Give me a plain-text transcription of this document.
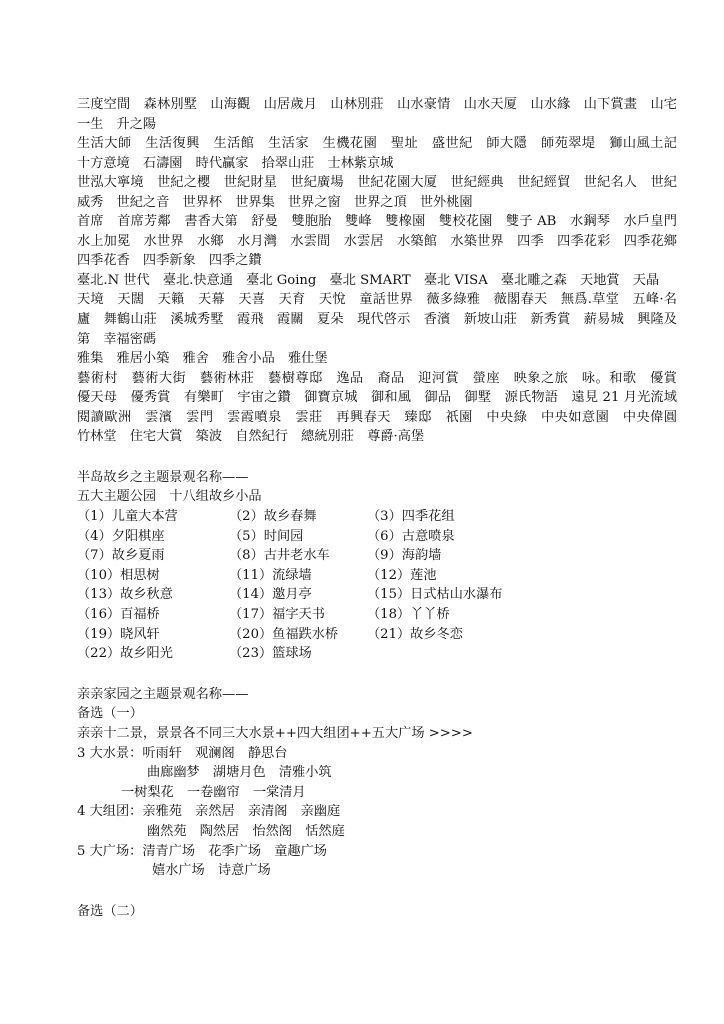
三度空間　森林別墅　山海觀　山居歲月　山林別莊　山水豪情　山水天厦　山水緣　山下賞畫　山宅一生　升之陽

生活大師　生活復興　生活館　生活家　生機花園　聖址　盛世紀　師大隱　師苑翠堤　獅山風土記　十方意境　石濤園　時代贏家　拾翠山莊　士林紫京城

世泓大寧境　世紀之櫻　世紀財星　世紀廣場　世紀花園大厦　世紀經典　世紀經貿　世紀名人　世紀威秀　世紀之音　世界杯　世界集　世界之窗　世界之頂　世外桃園

首席　首席芳鄰　書香大第　舒曼　雙胞胎　雙峰　雙橡園　雙校花園　雙子 AB　水鋼琴　水戶皇門　水上加冕　水世界　水鄉　水月灣　水雲間　水雲居　水築館　水築世界　四季　四季花彩　四季花鄉　四季花香　四季新象　四季之鑽

臺北.N 世代　臺北.快意通　臺北 Going　臺北 SMART　臺北 VISA　臺北雕之森　天地賞　天晶

天境　天闊　天籟　天幕　天喜　天育　天悅　童話世界　薇多綠雅　薇閣春天　無爲.草堂　五峰·名廬　舞鶴山莊　溪城秀墅　霞飛　霞關　夏朵　現代啓示　香濱　新坡山莊　新秀賞　薪易城　興隆及第　幸福密碼

雅集　雅居小築　雅舍　雅舍小品　雅仕堡

藝術村　藝術大街　藝術林莊　藝樹尊邸　逸品　裔品　迎河賞　螢座　映象之旅　咏。和歌　優賞　優天母　優秀賞　有樂町　宇宙之鑽　御寶京城　御和風　御品　御墅　源氏物語　遠見 21 月光流域　閱讀歐洲　雲濱　雲門　雲霞噴泉　雲莊　再興春天　臻邸　祇園　中央綠　中央如意園　中央偉圓　竹林堂　住宅大賞　築波　自然紀行　總統別莊　尊爵·高堡

半岛故乡之主题景观名称——
五大主题公园　十八组故乡小品
（1）儿童大本营	（2）故乡春舞	（3）四季花组
（4）夕阳棋座	（5）时间园	（6）古意喷泉
（7）故乡夏雨	（8）古井老水车	（9）海韵墙
（10）相思树	（11）流绿墙	（12）莲池
（13）故乡秋意	（14）邀月亭	（15）日式枯山水瀑布
（16）百福桥	（17）福字天书	（18）丫丫桥
（19）晓风轩	（20）鱼福跌水桥	（21）故乡冬恋
（22）故乡阳光	（23）篮球场
亲亲家园之主题景观名称——
备选（一）
亲亲十二景，景景各不同三大水景++四大组团++五大广场 >>>>
3 大水景：听雨轩　观澜阁　静思台
曲廊幽梦　湖塘月色　清雅小筑
一树梨花　一卷幽帘　一棠清月
4 大组团：亲雅苑　亲然居　亲清阁　亲幽庭
幽然苑　陶然居　怡然阁　恬然庭
5 大广场：清青广场　花季广场　童趣广场
嬉水广场　诗意广场
备选（二）
